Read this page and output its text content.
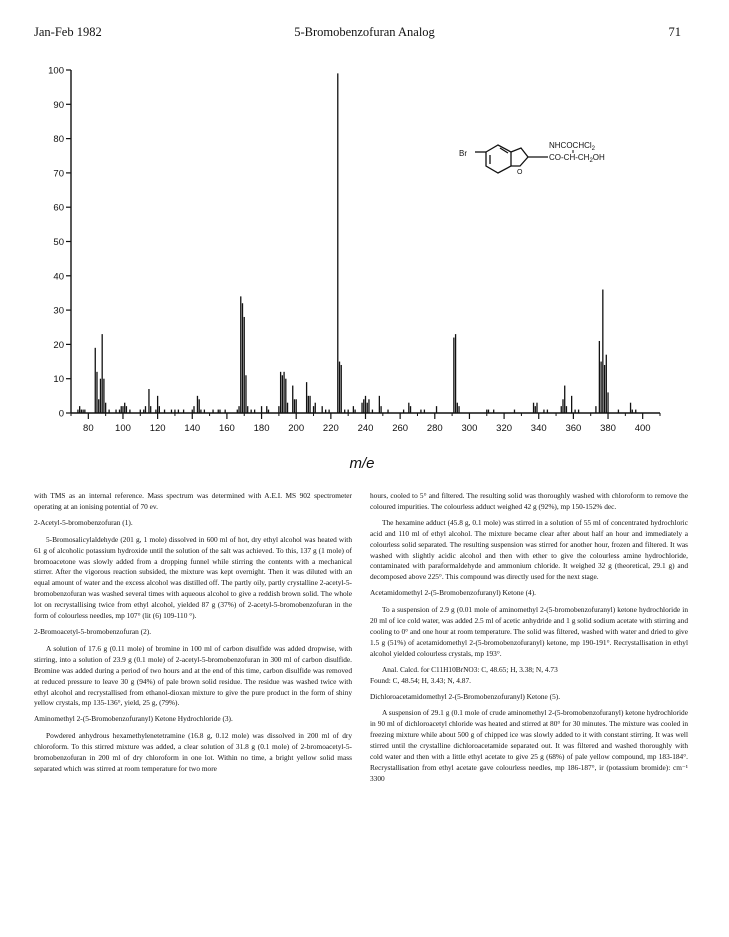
Jan-Feb 1982	5-Bromobenzofuran Analog	71
0
10
20
30
40
50
60
70
80
90
100
80 100 120 140 160 180 200 220 240 260 280 300 320 340 360 380 400
m/e
Br
O
NHCOCHCl$_2$
$CO-CH-CH_2OH$

with TMS as an internal reference. Mass spectrum was determined with A.E.I. MS 902 spectrometer operating at an ionising potential of 70 ev.

2-Acetyl-5-bromobenzofuran (1).

5-Bromosalicylaldehyde (201 g, 1 mole) dissolved in 600 ml of hot, dry ethyl alcohol was heated with 61 g of alcoholic potassium hydroxide until the solution of the salt was achieved. To this, 137 g (1 mole) of bromoacetone was slowly added from a dropping funnel while stirring the contents with a mechanical stirrer. After the vigorous reaction subsided, the mixture was kept overnight. Then it was diluted with an equal amount of water and the excess alcohol was distilled off. The partly oily, partly crystalline 2-acetyl-5-bromobenzofuran was washed several times with aqueous alcohol to give a reddish brown solid. The whole lot on recrystallising twice from ethyl alcohol, yielded 87 g (37%) of 2-acetyl-5-bromobenzofuran in the form of colourless needles, mp 107° (lit (6) 109-110 °).

2-Bromoacetyl-5-bromobenzofuran (2).

A solution of 17.6 g (0.11 mole) of bromine in 100 ml of carbon disulfide was added dropwise, with stirring, into a solution of 23.9 g (0.1 mole) of 2-acetyl-5-bromobenzofuran in 300 ml of carbon disulfide. Bromine was added during a period of two hours and at the end of this time, carbon disulfide was removed at reduced pressure to leave 30 g (94%) of pale brown solid residue. The residue was washed twice with ethyl alcohol and recrystallised from ethanol-dioxan mixture to give the pure product in the form of shiny yellow crystals, mp 135-136°, yield, 25 g, (79%).

Aminomethyl 2-(5-Bromobenzofuranyl) Ketone Hydrochloride (3).

Powdered anhydrous hexamethylenetetramine (16.8 g, 0.12 mole) was dissolved in 200 ml of dry chloroform. To this stirred mixture was added, a clear solution of 31.8 g (0.1 mole) of 2-bromoacetyl-5-bromobenzofuran in 200 ml of dry chloroform in one lot. Within no time, a bright yellow solid mass separated which was stirred at room temperature for two more

hours, cooled to 5° and filtered. The resulting solid was thoroughly washed with chloroform to remove the coloured impurities. The colourless adduct weighed 42 g (92%), mp 150-152% dec.

The hexamine adduct (45.8 g, 0.1 mole) was stirred in a solution of 55 ml of concentrated hydrochloric acid and 110 ml of ethyl alcohol. The mixture became clear after about half an hour and immediately a colourless solid separated. The resulting suspension was stirred for another hour, frozen and filtered. It was washed with slightly acidic alcohol and then with ether to give the colourless amine hydrochloride, contaminated with paraformaldehyde and ammonium chloride. It weighed 32 g (theoretical, 29.1 g) and decomposed above 225°. This compound was directly used for the next stage.

Acetamidomethyl 2-(5-Bromobenzofuranyl) Ketone (4).

To a suspension of 2.9 g (0.01 mole of aminomethyl 2-(5-bromobenzofuranyl) ketone hydrochloride in 20 ml of ice cold water, was added 2.5 ml of acetic anhydride and 1 g solid sodium acetate with stirring and cooling to 0° and one hour at room temperature. The solid was filtered, washed with water and dried to give 1.5 g (51%) of acetamidomethyl 2-(5-bromobenzofuranyl) ketone, mp 190-191°. Recrystallisation in ethyl alcohol yielded colourless crystals, mp 193°.

Anal. Calcd. for C11H10BrNO3: C, 48.65; H, 3.38; N, 4.73

Found: C, 48.54; H, 3.43; N, 4.87.

Dichloroacetamidomethyl 2-(5-Bromobenzofuranyl) Ketone (5).

A suspension of 29.1 g (0.1 mole of crude aminomethyl 2-(5-bromobenzofuranyl) ketone hydrochloride in 90 ml of dichloroacetyl chloride was heated and stirred at 80° for 30 minutes. The mixture was cooled in freezing mixture while about 500 g of chipped ice was slowly added to it with constant stirring. It was well stirred until the crystalline dichloroacetamide separated out. It was filtered and washed thoroughly with cold water and then with a little ethyl acetate to give 25 g (68%) of pale yellow compound, mp 183-184°. Recrystallisation from ethyl acetate gave colourless needles, mp 186-187°, ir (potassium bromide): cm⁻¹ 3300
